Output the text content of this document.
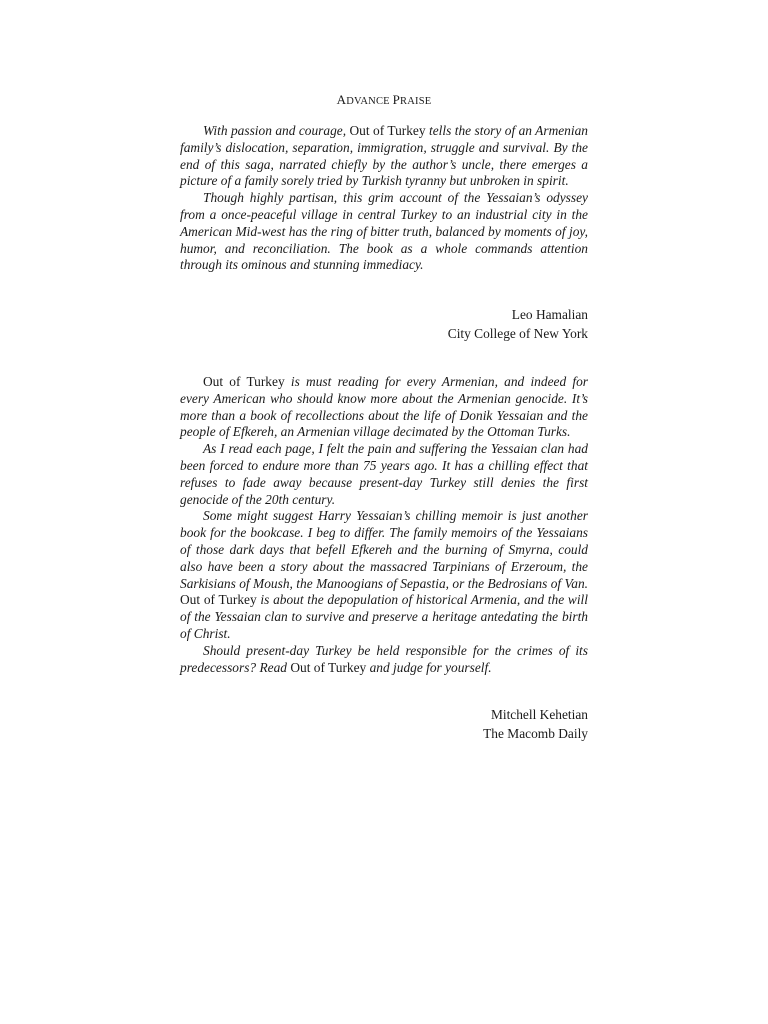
ADVANCE PRAISE

With passion and courage, Out of Turkey tells the story of an Armenian family’s dislocation, separation, immigration, struggle and survival. By the end of this saga, narrated chiefly by the author’s uncle, there emerges a picture of a family sorely tried by Turkish tyranny but unbroken in spirit.

Though highly partisan, this grim account of the Yessaian’s odyssey from a once-peaceful village in central Turkey to an industrial city in the American Mid-west has the ring of bitter truth, balanced by moments of joy, humor, and reconciliation. The book as a whole commands attention through its ominous and stunning immediacy.

Leo Hamalian
City College of New York

Out of Turkey is must reading for every Armenian, and indeed for every American who should know more about the Armenian genocide. It’s more than a book of recollections about the life of Donik Yessaian and the people of Efkereh, an Armenian village decimated by the Ottoman Turks.

As I read each page, I felt the pain and suffering the Yessaian clan had been forced to endure more than 75 years ago. It has a chilling effect that refuses to fade away because present-day Turkey still denies the first genocide of the 20th century.

Some might suggest Harry Yessaian’s chilling memoir is just another book for the bookcase. I beg to differ. The family memoirs of the Yessaians of those dark days that befell Efkereh and the burning of Smyrna, could also have been a story about the massacred Tarpinians of Erzeroum, the Sarkisians of Moush, the Manoogians of Sepastia, or the Bedrosians of Van. Out of Turkey is about the depopulation of historical Armenia, and the will of the Yessaian clan to survive and preserve a heritage antedating the birth of Christ.

Should present-day Turkey be held responsible for the crimes of its predecessors? Read Out of Turkey and judge for yourself.

Mitchell Kehetian
The Macomb Daily
